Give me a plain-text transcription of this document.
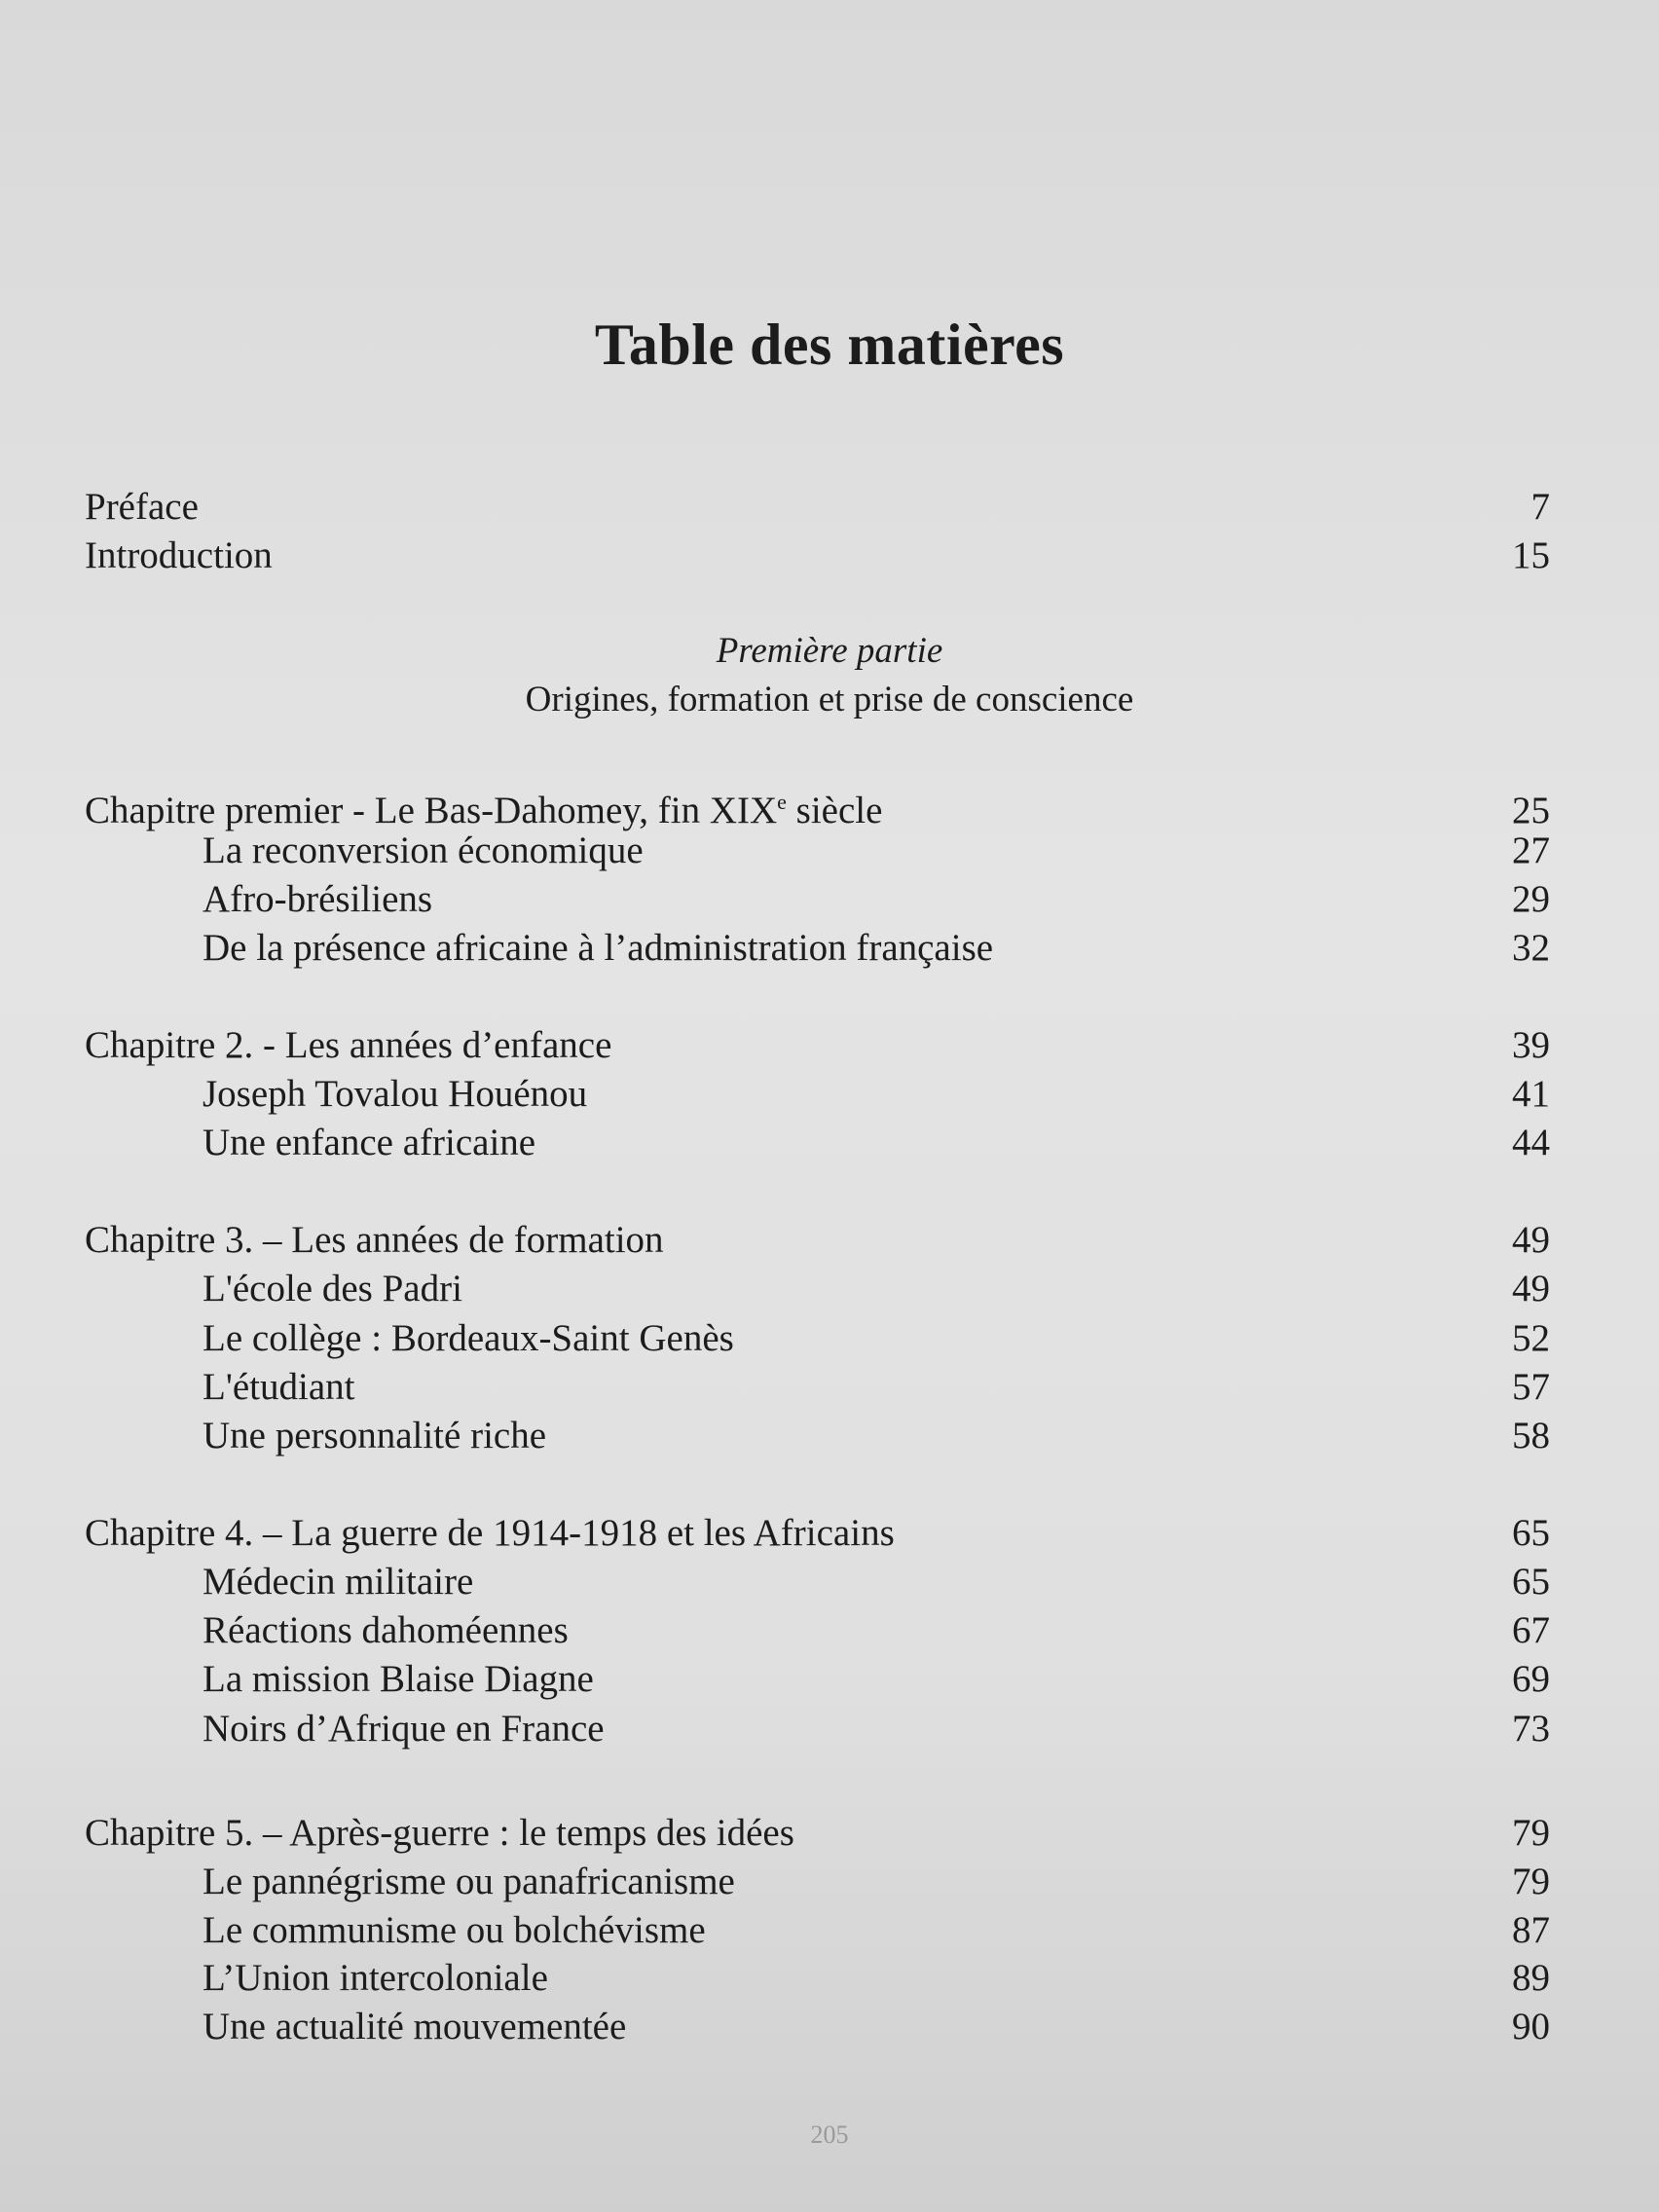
Table des matières
Préface	7
Introduction	15
Première partie
Origines, formation et prise de conscience
Chapitre premier - Le Bas-Dahomey, fin XIXe siècle	25
La reconversion économique	27
Afro-brésiliens	29
De la présence africaine à l’administration française	32
Chapitre 2. - Les années d’enfance	39
Joseph Tovalou Houénou	41
Une enfance africaine	44
Chapitre 3. – Les années de formation	49
L'école des Padri	49
Le collège : Bordeaux-Saint Genès	52
L'étudiant	57
Une personnalité riche	58
Chapitre 4. – La guerre de 1914-1918 et les Africains	65
Médecin militaire	65
Réactions dahoméennes	67
La mission Blaise Diagne	69
Noirs d’Afrique en France	73
Chapitre 5. – Après-guerre : le temps des idées	79
Le pannégrisme ou panafricanisme	79
Le communisme ou bolchévisme	87
L’Union intercoloniale	89
Une actualité mouvementée	90
205
